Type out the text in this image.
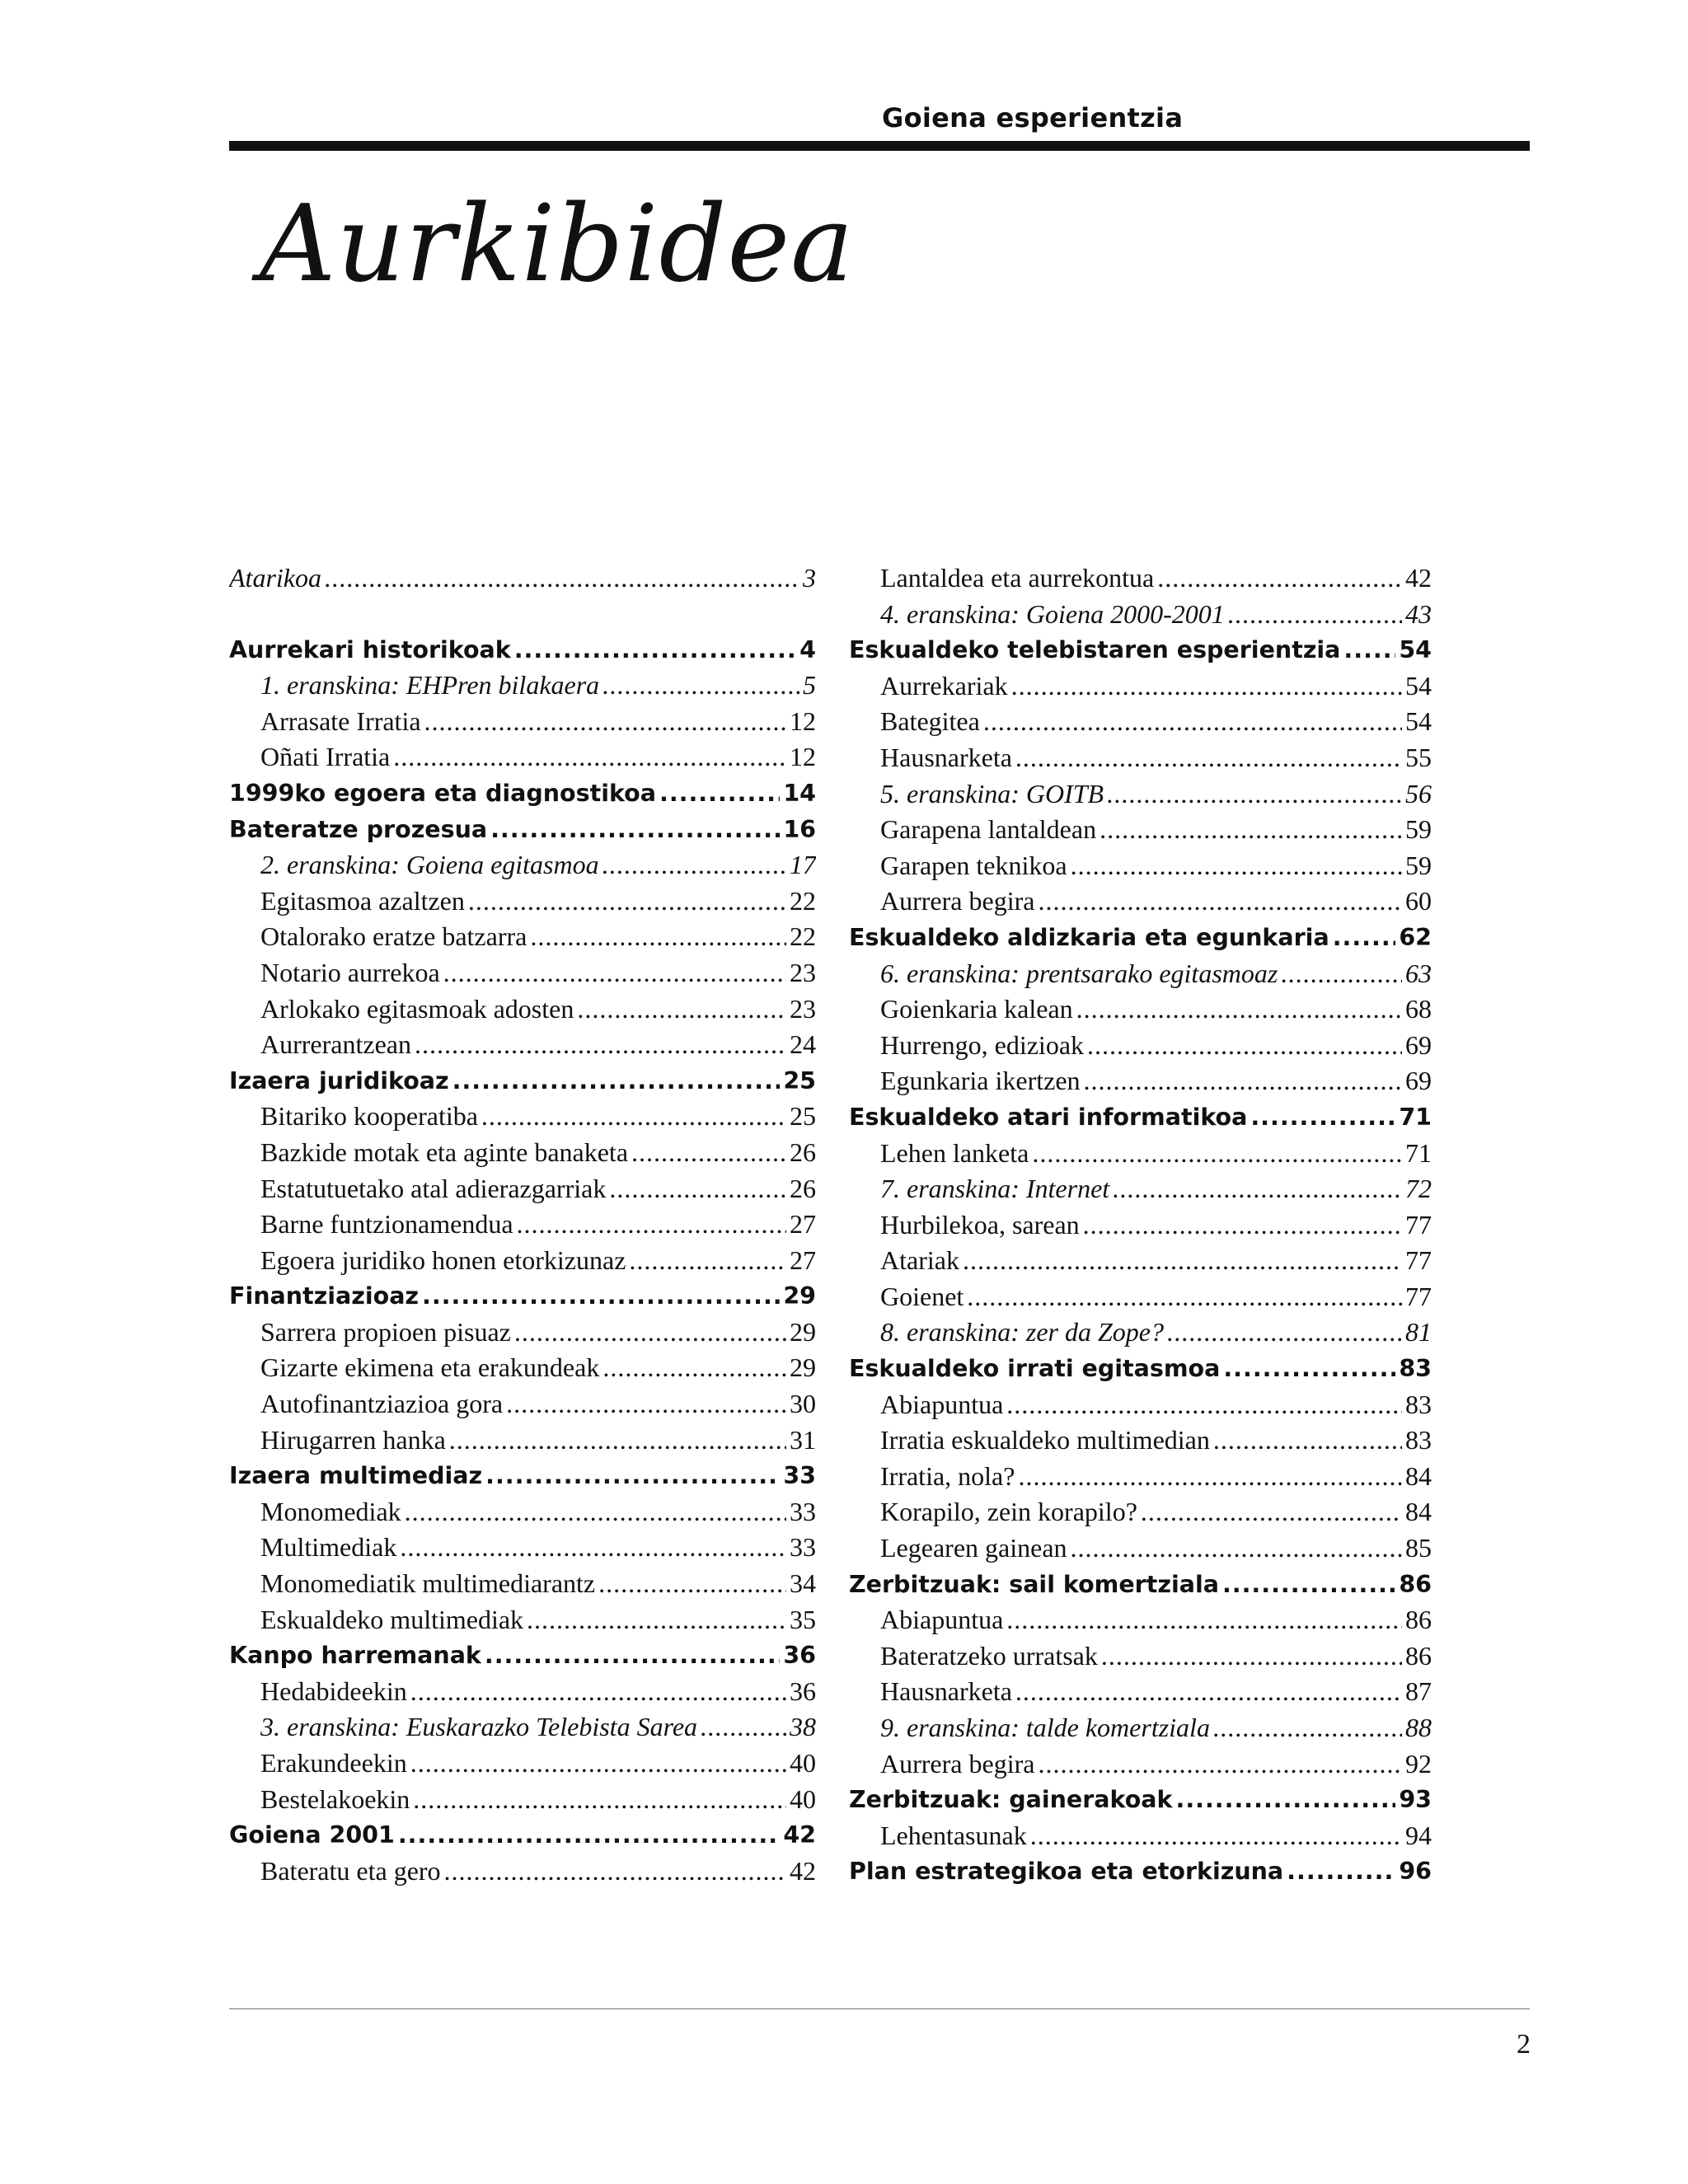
Goiena esperientzia
Aurkibidea
Atarikoa .....	3
Aurrekari historikoak .....	4
1. eranskina: EHPren bilakaera .....	5
Arrasate Irratia .....	12
Oñati Irratia .....	12
1999ko egoera eta diagnostikoa .....	14
Bateratze prozesua .....	16
2. eranskina: Goiena egitasmoa .....	17
Egitasmoa azaltzen .....	22
Otalorako eratze batzarra .....	22
Notario aurrekoa .....	23
Arlokako egitasmoak adosten .....	23
Aurrerantzean .....	24
Izaera juridikoaz .....	25
Bitariko kooperatiba .....	25
Bazkide motak eta aginte banaketa .....	26
Estatutuetako atal adierazgarriak .....	26
Barne funtzionamendua .....	27
Egoera juridiko honen etorkizunaz .....	27
Finantziazioaz .....	29
Sarrera propioen pisuaz .....	29
Gizarte ekimena eta erakundeak .....	29
Autofinantziazioa gora .....	30
Hirugarren hanka .....	31
Izaera multimediaz .....	33
Monomediak .....	33
Multimediak .....	33
Monomediatik multimediarantz .....	34
Eskualdeko multimediak .....	35
Kanpo harremanak .....	36
Hedabideekin .....	36
3. eranskina: Euskarazko Telebista Sarea .....	38
Erakundeekin .....	40
Bestelakoekin .....	40
Goiena 2001 .....	42
Bateratu eta gero .....	42
Lantaldea eta aurrekontua .....	42
4. eranskina: Goiena 2000-2001 .....	43
Eskualdeko telebistaren esperientzia ..... 54
Aurrekariak .....	54
Bategitea .....	54
Hausnarketa .....	55
5. eranskina: GOITB .....	56
Garapena lantaldean .....	59
Garapen teknikoa .....	59
Aurrera begira .....	60
Eskualdeko aldizkaria eta egunkaria .....	62
6. eranskina: prentsarako egitasmoaz .....	63
Goienkaria kalean .....	68
Hurrengo, edizioak .....	69
Egunkaria ikertzen .....	69
Eskualdeko atari informatikoa .....	71
Lehen lanketa .....	71
7. eranskina: Internet .....	72
Hurbilekoa, sarean .....	77
Atariak .....	77
Goienet .....	77
8. eranskina: zer da Zope? .....	81
Eskualdeko irrati egitasmoa .....	83
Abiapuntua .....	83
Irratia eskualdeko multimedian .....	83
Irratia, nola? .....	84
Korapilo, zein korapilo? .....	84
Legearen gainean .....	85
Zerbitzuak: sail komertziala .....	86
Abiapuntua .....	86
Bateratzeko urratsak .....	86
Hausnarketa .....	87
9. eranskina: talde komertziala .....	88
Aurrera begira .....	92
Zerbitzuak: gainerakoak .....	93
Lehentasunak .....	94
Plan estrategikoa eta etorkizuna .....	96
2
